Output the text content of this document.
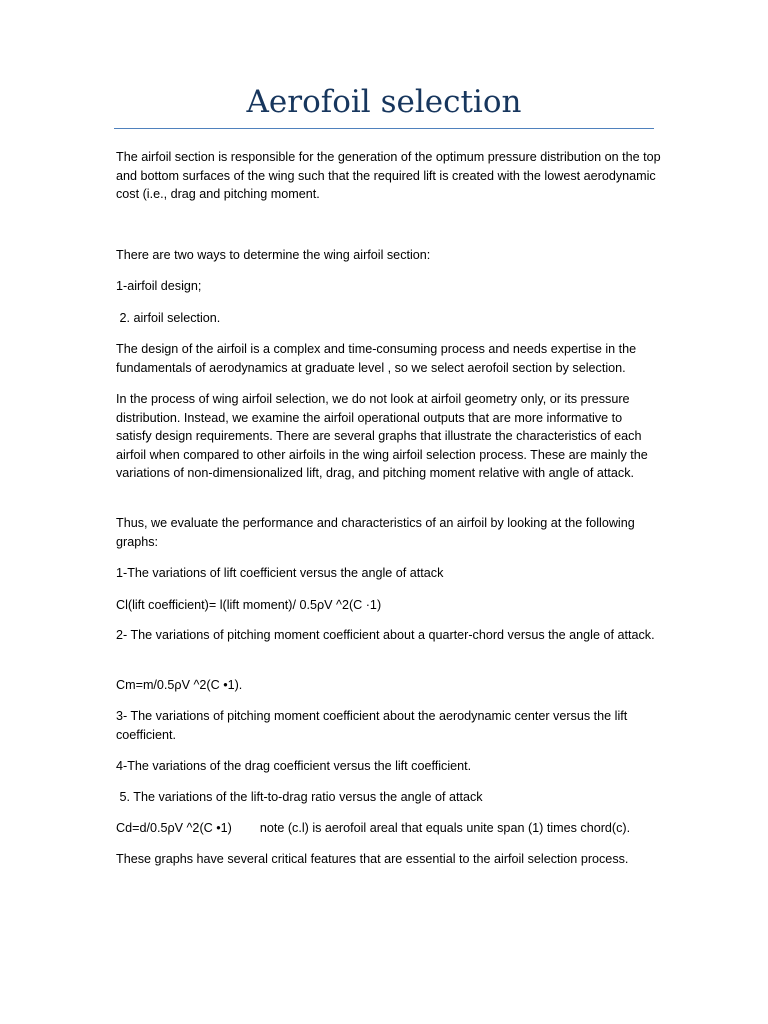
Aerofoil selection

The airfoil section is responsible for the generation of the optimum pressure distribution on the top and bottom surfaces of the wing such that the required lift is created with the lowest aerodynamic cost (i.e., drag and pitching moment.

There are two ways to determine the wing airfoil section:

1-airfoil design;

2. airfoil selection.

The design of the airfoil is a complex and time-consuming process and needs expertise in the fundamentals of aerodynamics at graduate level , so we select aerofoil section by selection.

In the process of wing airfoil selection, we do not look at airfoil geometry only, or its pressure distribution. Instead, we examine the airfoil operational outputs that are more informative to satisfy design requirements. There are several graphs that illustrate the characteristics of each airfoil when compared to other airfoils in the wing airfoil selection process. These are mainly the variations of non-dimensionalized lift, drag, and pitching moment relative with angle of attack.

Thus, we evaluate the performance and characteristics of an airfoil by looking at the following graphs:

1-The variations of lift coefficient versus the angle of attack

Cl(lift coefficient)= l(lift moment)/ 0.5ρV ^2(C ·1)

2- The variations of pitching moment coefficient about a quarter-chord versus the angle of attack.

Cm=m/0.5ρV ^2(C •1).

3- The variations of pitching moment coefficient about the aerodynamic center versus the lift coefficient.

4-The variations of the drag coefficient versus the lift coefficient.

5. The variations of the lift-to-drag ratio versus the angle of attack

Cd=d/0.5ρV ^2(C •1)        note (c.l) is aerofoil areal that equals unite span (1) times chord(c).

These graphs have several critical features that are essential to the airfoil selection process.
